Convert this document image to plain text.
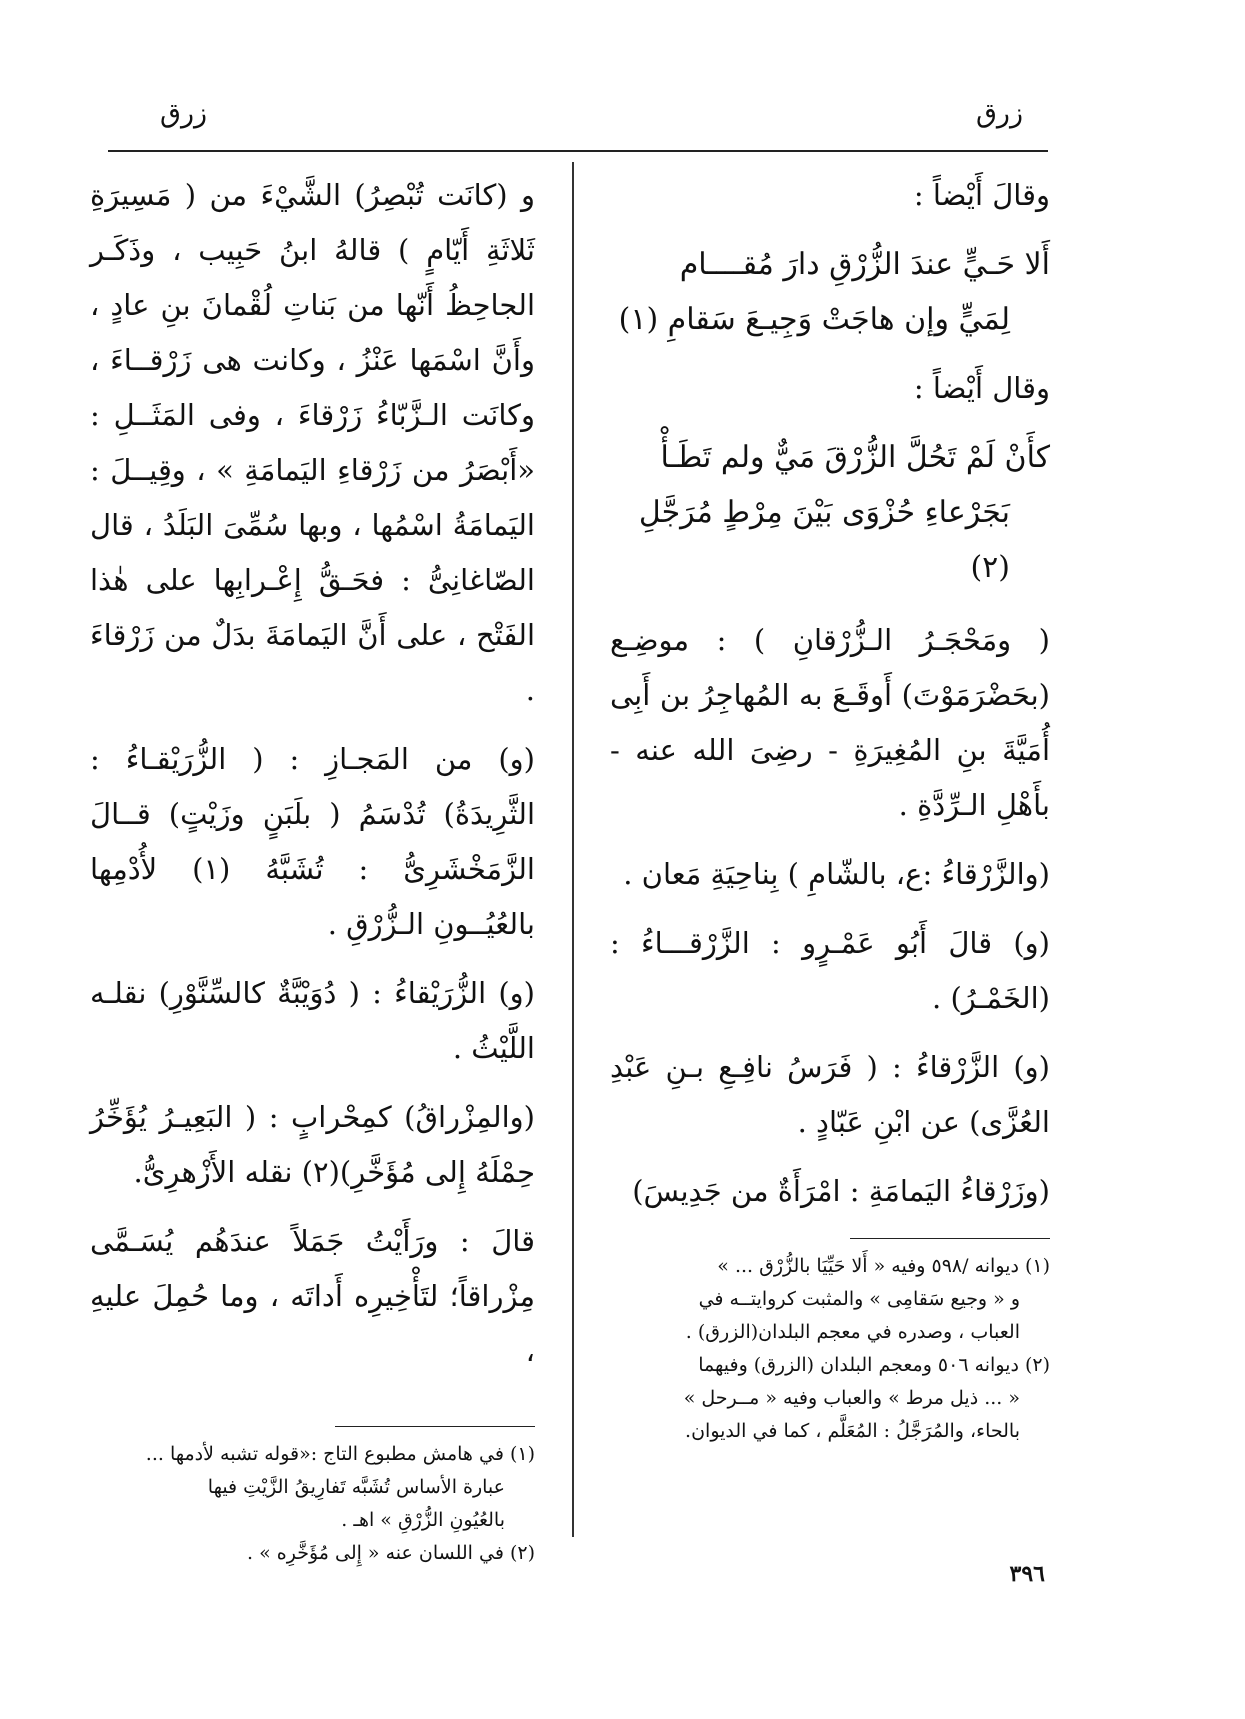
زرق
زرق

وقالَ أَيْضاً :

أَلا حَـيٍّ عندَ الزُّرْقِ دارَ مُقــــام

لِمَيٍّ وإن هاجَتْ وَجِيـعَ سَقامِ (١)

وقال أَيْضاً :

كأَنْ لَمْ تَحُلَّ الزُّرْقَ مَيٌّ ولم تَطَـأْ

بَجَرْعاءِ حُزْوَى بَيْنَ مِرْطٍ مُرَجَّلِ (٢)

( ومَحْجَـرُ الـزُّرْقانِ ) : موضِـع (بحَضْرَمَوْتَ) أَوقَـعَ به المُهاجِرُ بن أَبِى أُمَيَّةَ بنِ المُغِيرَةِ - رضِىَ الله عنه - بأَهْلِ الـرِّدَّةِ .

(والزَّرْقاءُ :ع، بالشّامِ ) بِناحِيَةِ مَعان .

(و) قالَ أَبُو عَمْـرٍو : الزَّرْقـــاءُ : (الخَمْـرُ) .

(و) الزَّرْقاءُ : ( فَرَسُ نافِـعِ بـنِ عَبْدِ العُزَّى) عن ابْنِ عَبّادٍ .

(وزَرْقاءُ اليَمامَةِ : امْرَأَةٌ من جَدِيسَ)

و (كانَت تُبْصِرُ) الشَّيْءَ من ( مَسِيرَةِ ثَلاثَةِ أَيّامٍ ) قالهُ ابنُ حَبِيب ، وذَكَـر الجاحِظُ أَنّها من بَناتِ لُقْمانَ بنِ عادٍ ، وأَنَّ اسْمَها عَنْزُ ، وكانت هى زَرْقــاءَ ، وكانَت الـزَّبّاءُ زَرْقاءَ ، وفى المَثَــلِ : «أَبْصَرُ من زَرْقاءِ اليَمامَةِ » ، وقِيــلَ : اليَمامَةُ اسْمُها ، وبها سُمِّىَ البَلَدُ ، قال الصّاغانِىُّ : فحَـقُّ إِعْـرابِها على هٰذا الفَتْح ، على أَنَّ اليَمامَةَ بدَلٌ من زَرْقاءَ .

(و) من المَجـازِ : ( الزُّرَيْقـاءُ : الثَّرِيدَةُ) تُدْسَمُ ( بلَبَنٍ وزَيْتٍ) قــالَ الزَّمَخْشَرِىُّ : تُشَبَّهُ (١) لأُدْمِها بالعُيُــونِ الـزُّرْقِ .

(و) الزُّرَيْقاءُ : ( دُوَيْبَّةٌ كالسِّنَّوْرِ) نقلـه اللَّيْثُ .

(والمِزْراقُ) كمِحْرابٍ : ( البَعِيـرُ يُؤَخِّرُ حِمْلَهُ إِلى مُؤَخَّرِ)(٢) نقله الأَزْهرِىُّ.

قالَ : ورَأَيْتُ جَمَلاً عندَهُم يُسَـمَّى مِزْراقاً؛ لتَأْخِيرِه أَداتَه ، وما حُمِلَ عليهِ ،

(١) ديوانه /٥٩٨ وفيه « أَلا حَيِّيَا بالزُّرْق ... »

و « وجيع سَقامِى » والمثبت كروايتــه في

العباب ، وصدره في معجم البلدان(الزرق) .

(٢) ديوانه ٥٠٦ ومعجم البلدان (الزرق) وفيهما

« ... ذيل مرط » والعباب وفيه « مــرحل »

بالحاء، والمُرَجَّلُ : المُعَلَّم ، كما في الديوان.

(١) في هامش مطبوع التاج :«قوله تشبه لأدمها ...

عبارة الأساس تُشَبَّه تَفارِيقُ الزَّيْتِ فيها

بالعُيُونِ الزُّرْقِ » اهـ .

(٢) في اللسان عنه « إِلى مُؤَخَّرِه » .

٣٩٦
